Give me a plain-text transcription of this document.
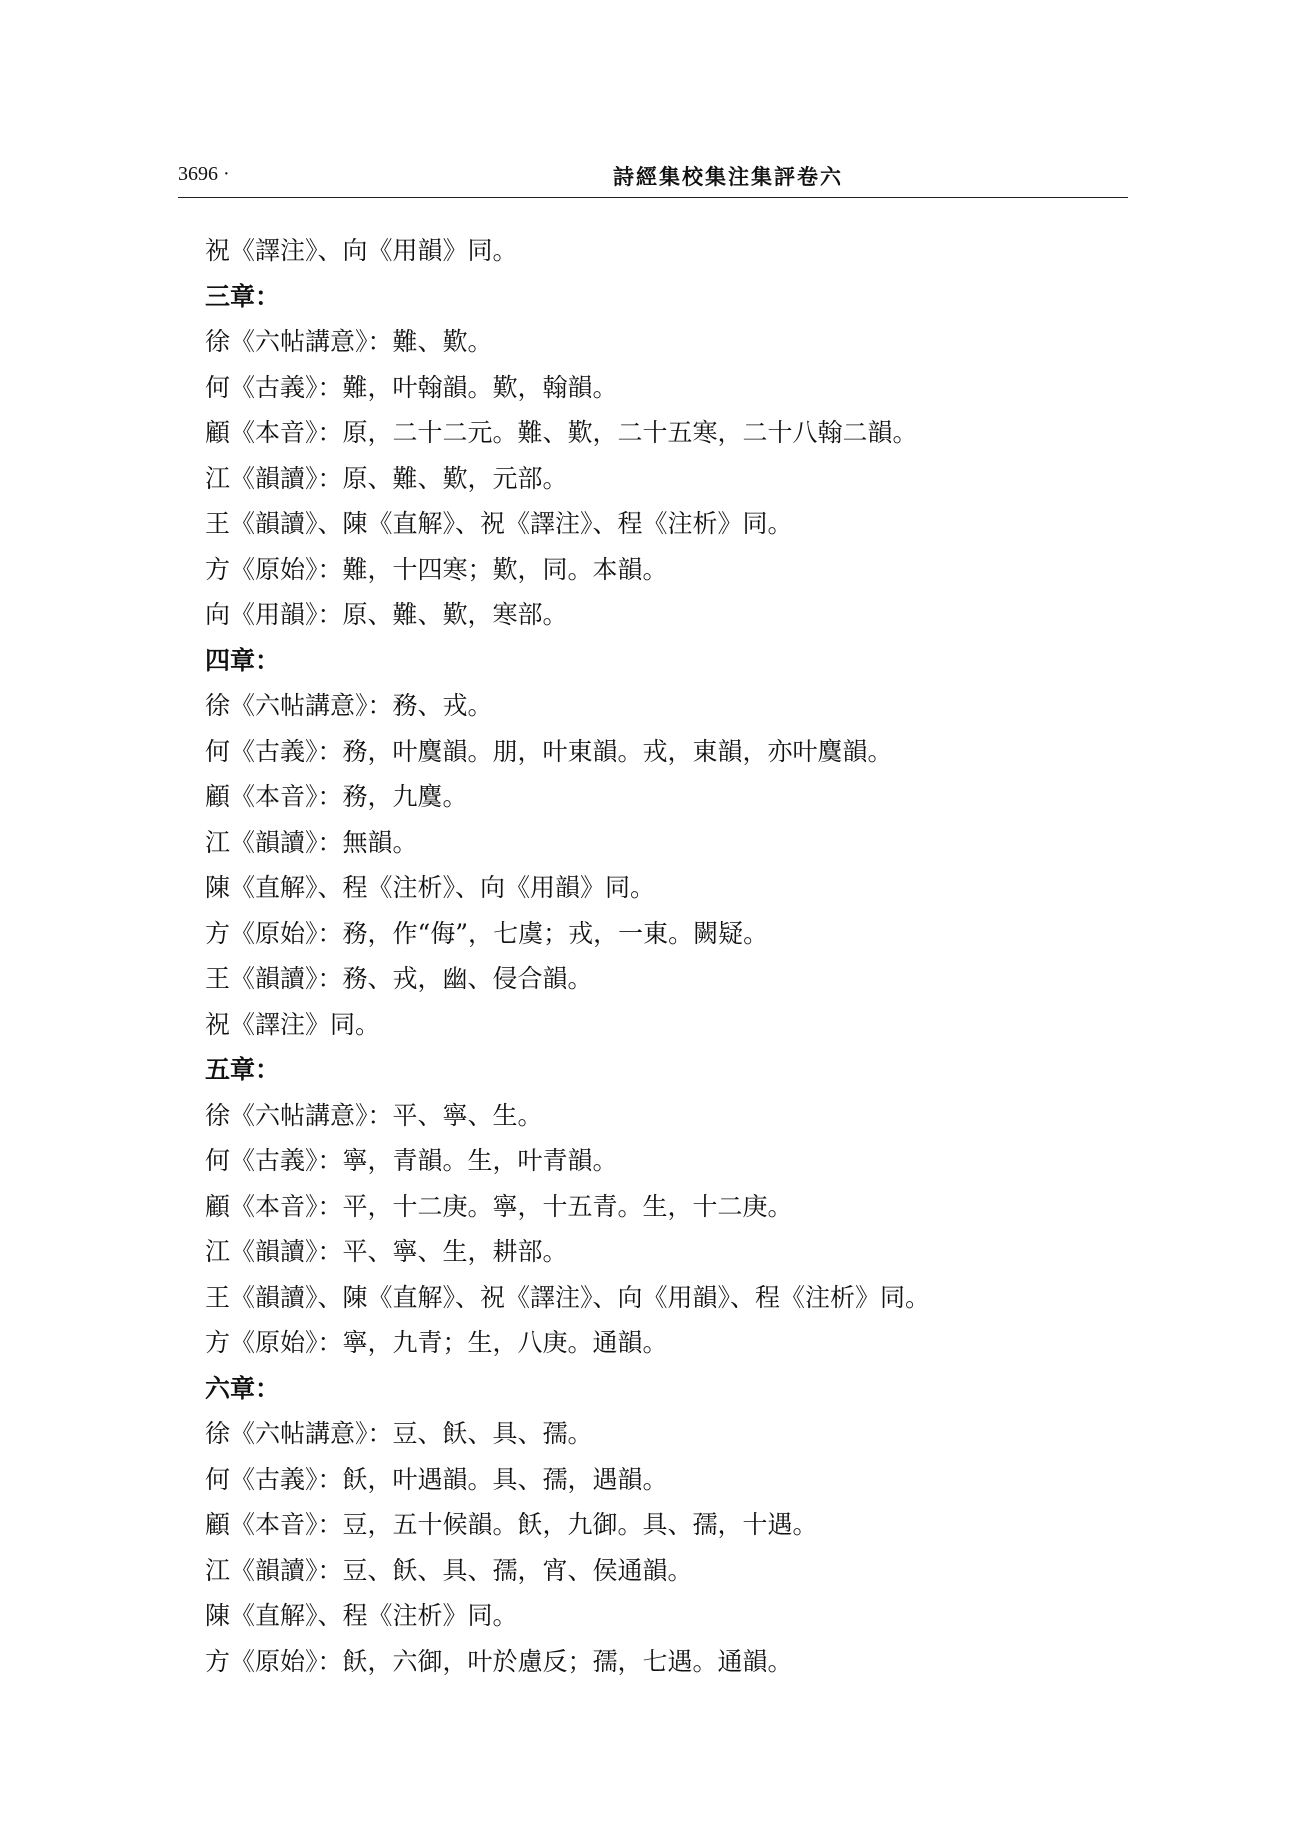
3696 ·	詩經集校集注集評卷六
祝《譯注》、向《用韻》同。
三章：
徐《六帖講意》：難、歎。
何《古義》：難，叶翰韻。歎，翰韻。
顧《本音》：原，二十二元。難、歎，二十五寒，二十八翰二韻。
江《韻讀》：原、難、歎，元部。
王《韻讀》、陳《直解》、祝《譯注》、程《注析》同。
方《原始》：難，十四寒；歎，同。本韻。
向《用韻》：原、難、歎，寒部。
四章：
徐《六帖講意》：務、戎。
何《古義》：務，叶麌韻。朋，叶東韻。戎，東韻，亦叶麌韻。
顧《本音》：務，九麌。
江《韻讀》：無韻。
陳《直解》、程《注析》、向《用韻》同。
方《原始》：務，作“侮”，七虞；戎，一東。闕疑。
王《韻讀》：務、戎，幽、侵合韻。
祝《譯注》同。
五章：
徐《六帖講意》：平、寧、生。
何《古義》：寧，青韻。生，叶青韻。
顧《本音》：平，十二庚。寧，十五青。生，十二庚。
江《韻讀》：平、寧、生，耕部。
王《韻讀》、陳《直解》、祝《譯注》、向《用韻》、程《注析》同。
方《原始》：寧，九青；生，八庚。通韻。
六章：
徐《六帖講意》：豆、飫、具、孺。
何《古義》：飫，叶遇韻。具、孺，遇韻。
顧《本音》：豆，五十候韻。飫，九御。具、孺，十遇。
江《韻讀》：豆、飫、具、孺，宵、侯通韻。
陳《直解》、程《注析》同。
方《原始》：飫，六御，叶於慮反；孺，七遇。通韻。
